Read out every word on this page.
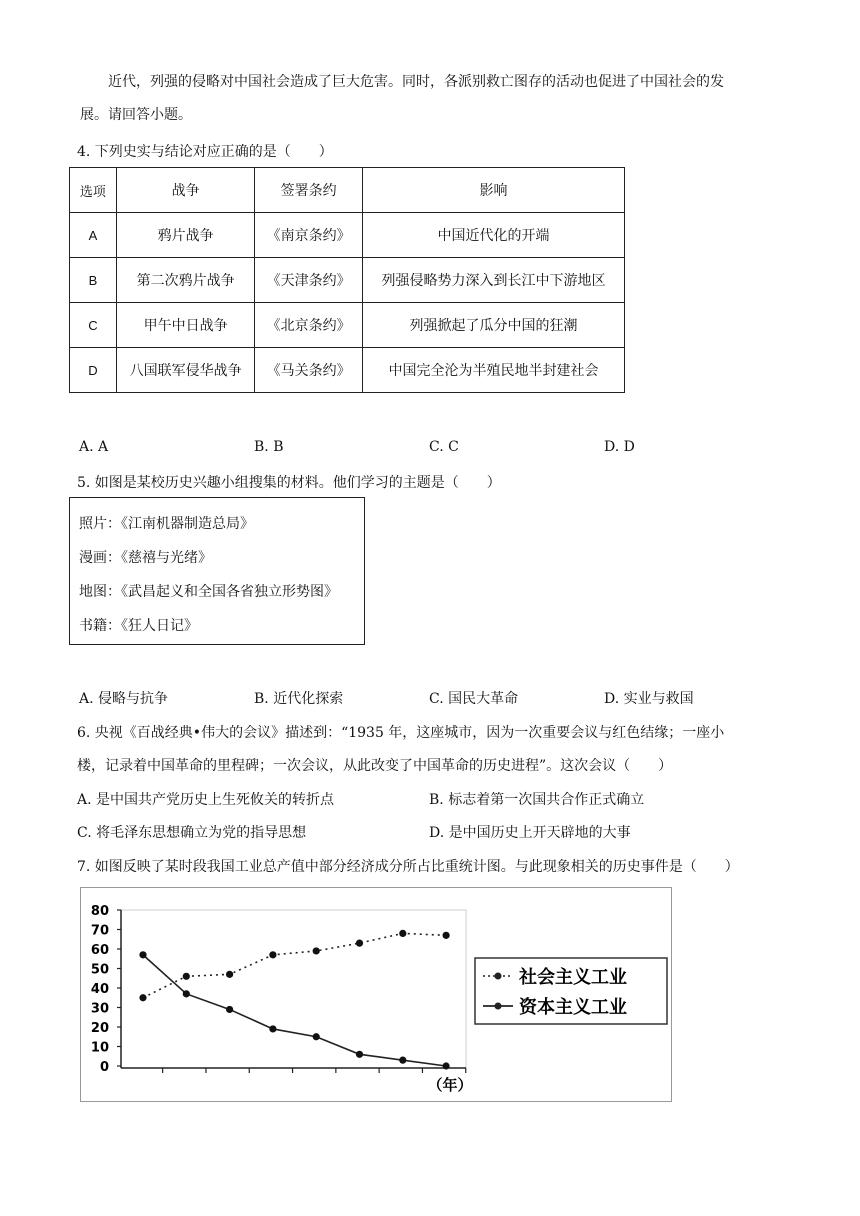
近代，列强的侵略对中国社会造成了巨大危害。同时，各派别救亡图存的活动也促进了中国社会的发
展。请回答小题。
4. 下列史实与结论对应正确的是（　　）
选项	战争	签署条约	影响
A	鸦片战争	《南京条约》	中国近代化的开端
B	第二次鸦片战争	《天津条约》	列强侵略势力深入到长江中下游地区
C	甲午中日战争	《北京条约》	列强掀起了瓜分中国的狂潮
D	八国联军侵华战争	《马关条约》	中国完全沦为半殖民地半封建社会
A. A	B. B	C. C	D. D
5. 如图是某校历史兴趣小组搜集的材料。他们学习的主题是（　　）
照片：《江南机器制造总局》
漫画：《慈禧与光绪》
地图：《武昌起义和全国各省独立形势图》
书籍：《狂人日记》
A. 侵略与抗争	B. 近代化探索	C. 国民大革命	D. 实业与救国
6. 央视《百战经典•伟大的会议》描述到：“1935 年，这座城市，因为一次重要会议与红色结缘；一座小
楼，记录着中国革命的里程碑；一次会议，从此改变了中国革命的历史进程”。这次会议（　　）
A. 是中国共产党历史上生死攸关的转折点	B. 标志着第一次国共合作正式确立
C. 将毛泽东思想确立为党的指导思想	D. 是中国历史上开天辟地的大事
7. 如图反映了某时段我国工业总产值中部分经济成分所占比重统计图。与此现象相关的历史事件是（　　）
0
10
20
30
40
50
60
70
80
（年）
社会主义工业
资本主义工业
